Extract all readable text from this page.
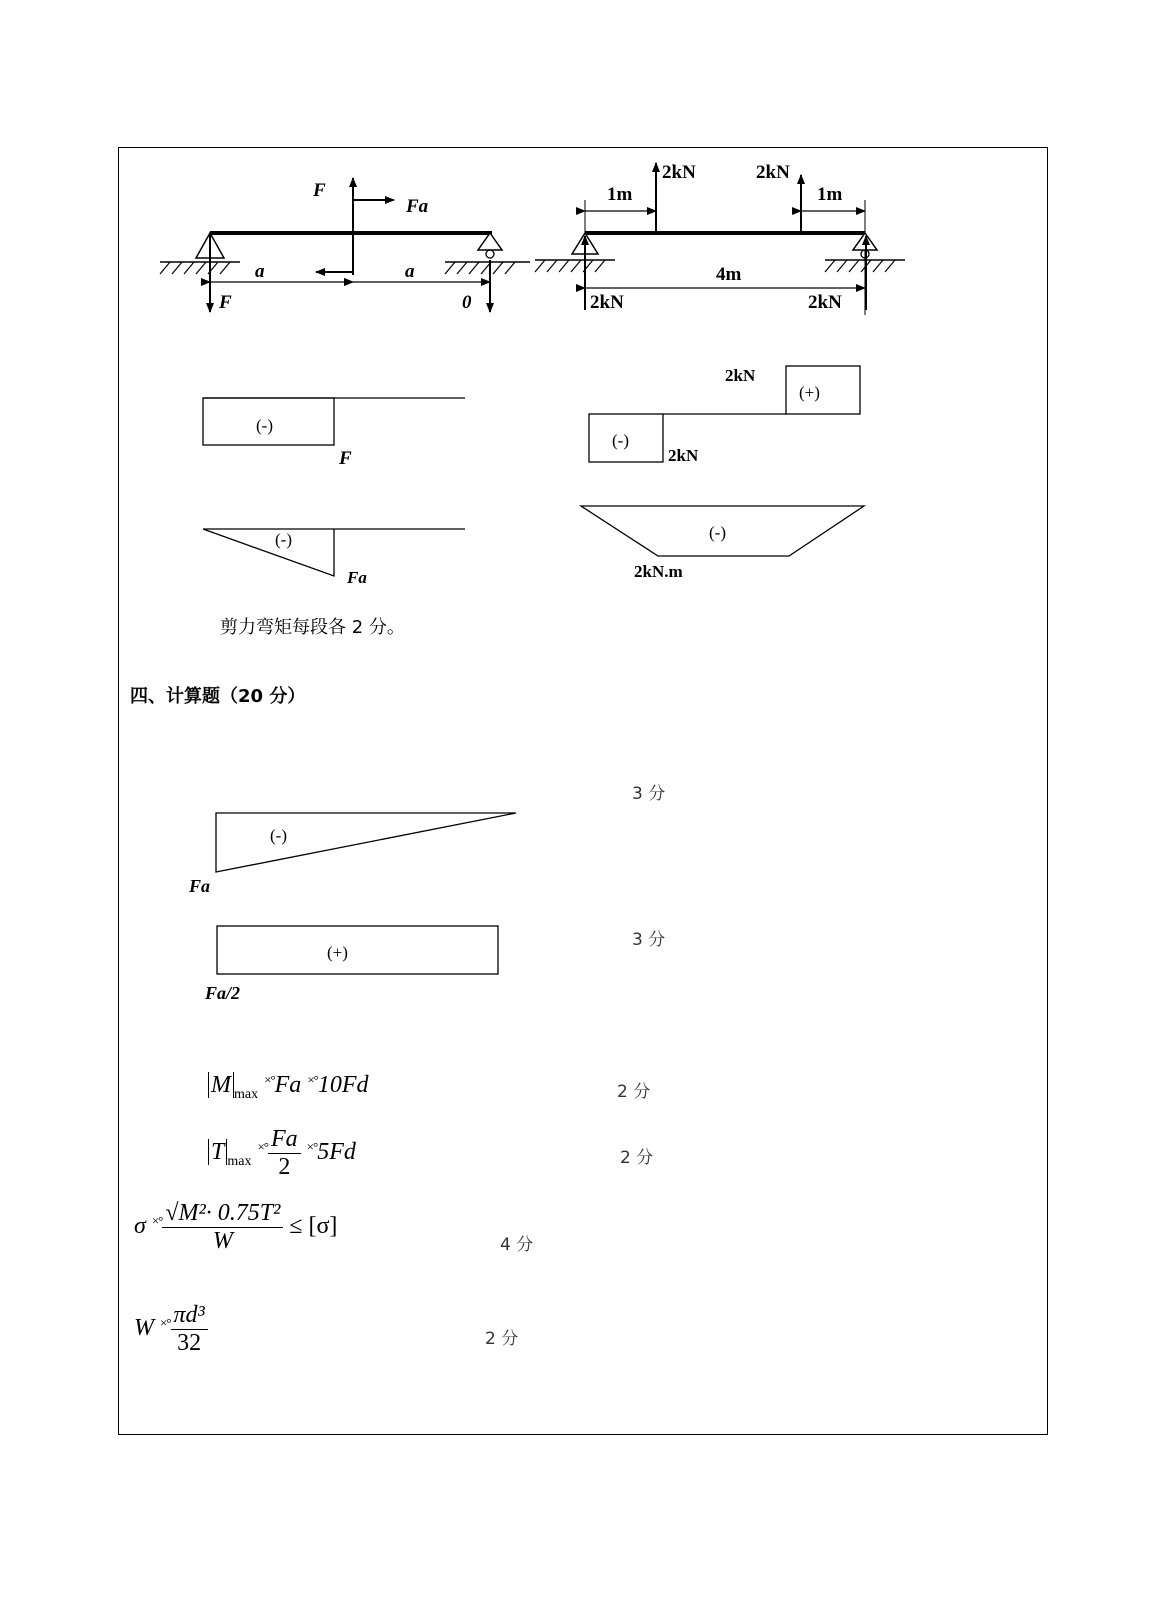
F
Fa
a	a
F	0
1m
2kN	2kN
1m
4m
2kN	2kN
(-)
F
2kN
(+)
(-)
2kN
(-)
Fa
(-)
2kN.m
(-)
Fa
(+)
Fa/2
剪力弯矩每段各 2 分。
四、计算题（20 分）
3 分
3 分
2 分
2 分
4 分
2 分
M $_{max}$ ×°Fa ×°10Fd
T $_{max}$ $^{\times^\circ} \frac{Fa}{2} ^{\times^\circ}5Fd$
σ $^{\times^\circ} \frac{\text{√M²· 0.75T²}}{W} \le [\sigma]$
W $^{\times^\circ} \frac{\text{πd³}}{32}$
